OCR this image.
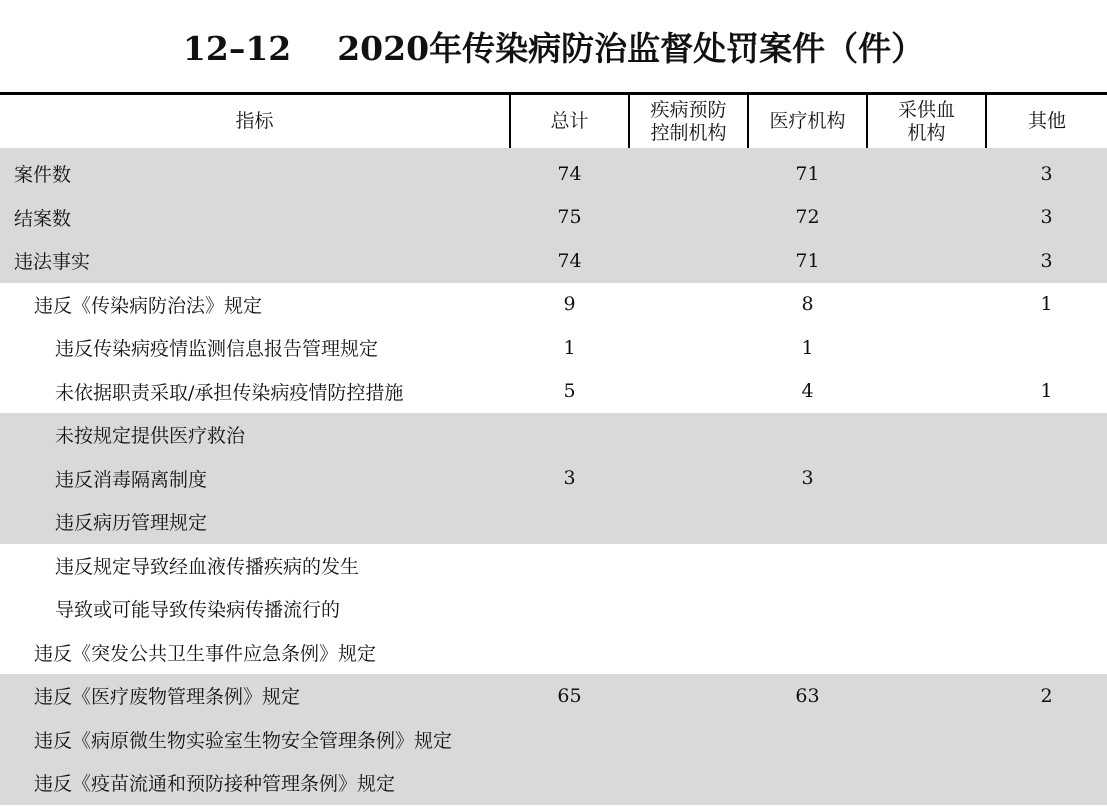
12–12    2020年传染病防治监督处罚案件（件）
指标	总计	疾病预防控制机构	医疗机构	采供血机构	其他

案件数	74		71		3
结案数	75		72		3
违法事实	74		71		3
违反《传染病防治法》规定	9		8		1
违反传染病疫情监测信息报告管理规定	1		1		
未依据职责采取/承担传染病疫情防控措施	5		4		1
未按规定提供医疗救治					
违反消毒隔离制度	3		3		
违反病历管理规定					
违反规定导致经血液传播疾病的发生					
导致或可能导致传染病传播流行的					
违反《突发公共卫生事件应急条例》规定					
违反《医疗废物管理条例》规定	65		63		2
违反《病原微生物实验室生物安全管理条例》规定					
违反《疫苗流通和预防接种管理条例》规定					
